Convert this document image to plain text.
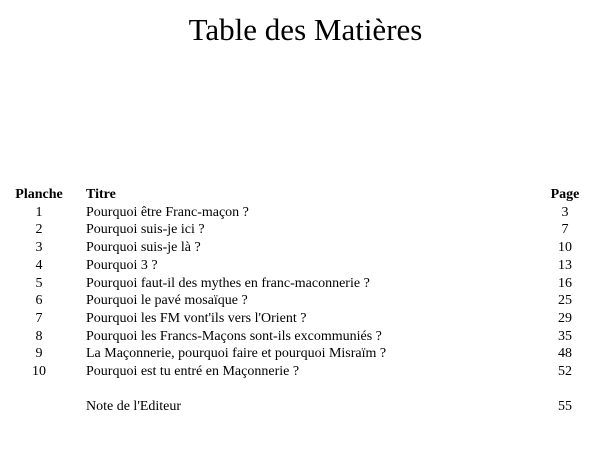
Table des Matières
Planche	Titre	Page
1	Pourquoi être Franc-maçon ?	3
2	Pourquoi suis-je ici ?	7
3	Pourquoi suis-je là ?	10
4	Pourquoi 3 ?	13
5	Pourquoi faut-il des mythes en franc-maconnerie ?	16
6	Pourquoi le pavé mosaïque ?	25
7	Pourquoi les FM vont'ils vers l'Orient ?	29
8	Pourquoi les Francs-Maçons sont-ils excommuniés ?	35
9	La Maçonnerie, pourquoi faire et pourquoi Misraïm ?	48
10	Pourquoi est tu entré en Maçonnerie ?	52

	Note de l'Editeur	55
